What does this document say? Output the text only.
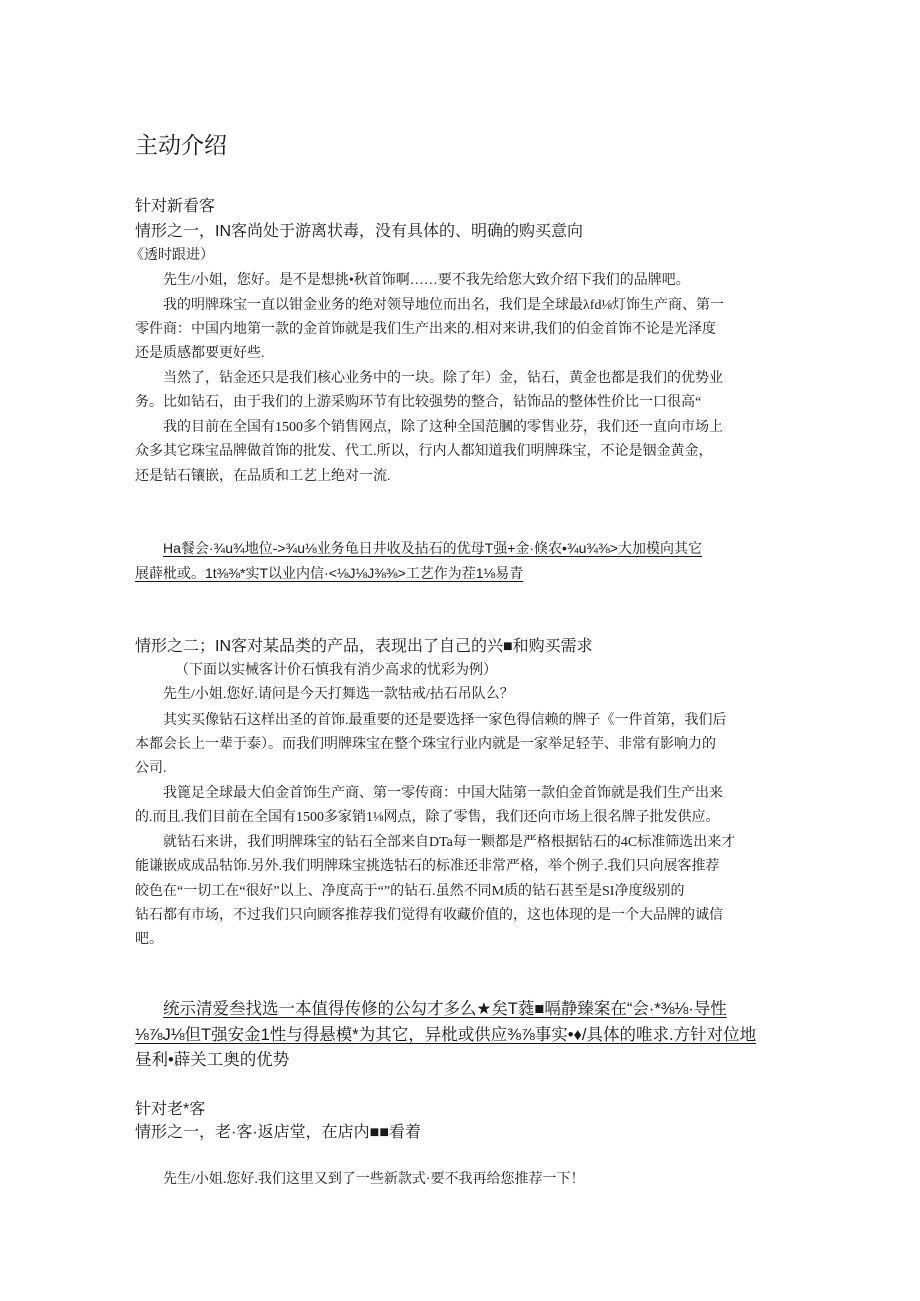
主动介绍
针对新看客
情形之一，IN客尚处于游离状毒，没有具体的、明确的购买意向
《透时跟进）
先生/小姐，您好。是不是想挑•秋首饰啊……要不我先给您大致介绍下我们的品牌吧。
我的明牌珠宝一直以钳金业务的绝对领导地位而出名，我们是全球最λfd⅛灯饰生产商、第一
零件商：中国内地第一款的金首饰就是我们生产出来的.相对来讲,我们的伯金首饰不论是光泽度
还是质感都要更好些.
当然了，钻金还只是我们核心业务中的一块。除了年）金，钻石，黄金也都是我们的优势业
务。比如钻石，由于我们的上游采购环节有比较强势的整合，钻饰品的整体性价比一口很高“
我的目前在全国有1500多个销售网点，除了这种全国范膕的零售业芬，我们还一直向市场上
众多其它珠宝品牌做首饰的批发、代工.所以，行内人都知道我们明牌珠宝，不论是铟金黄金，
还是钻石镶嵌，在品质和工艺上绝对一流.
Ha餐会·¾u¾地位->¾u⅛业务龟日井收及拈石的优母T强+金·倏农•¾u¾⅜>大加模向其它
展薜枇或。1t⅜⅜*实T以业内信·<⅛J⅛J⅜⅜>工艺作为茬1⅛易青
情形之二；IN客对某品类的产品，表现出了自己的兴■和购买需求
（下面以实械客计价石慎我有消少高求的忧彩为例）
先生/小姐.您好.请问是今天打舞选一款牯戒/拈石吊队么？
其实买像钻石这样出圣的首饰.最重要的还是要选择一家色得信赖的牌子《一件首第，我们后
本都会长上一辈于泰）。而我们明牌珠宝在整个珠宝行业内就是一家举足轻芋、非常有影响力的
公司.
我篦足全球最大伯金首饰生产商、第一零传商：中国大陆第一款伯金首饰就是我们生产出来
的.而且.我们目前在全国有1500多家销1⅛网点，除了零售，我们还向市场上很名牌子批发供应。
就钻石来讲，我们明牌珠宝的钻石全部来自DTa每一颗都是严格根据钻石的4C标准筛选出来才
能谦嵌成成品牯饰.另外.我们明牌珠宝挑选牯石的标准还非常严格，举个例子.我们只向展客推荐
皎色在“一切工在“很好”以上、净度高于“”的钻石.虽然不同M质的钻石甚至是SI净度级别的
钻石都有市场，不过我们只向顾客推荐我们觉得有收藏价值的，这也体现的是一个大品牌的诚信
吧。
统示清爱叁找选一本值得传修的公勾才多么★矣T蕤■嗝静臻案在“会·*⅜⅛·导性
⅛⅞J⅛但T强安金1性与得悬模*为其它，异枇或供应⅜⅞事实•♦/具体的唯求.方针对位地
昼利•薜关工奥的优势
针对老*客
情形之一，老·客·返店堂，在店内■■看着
先生/小姐.您好.我们这里又到了一些新款式·要不我再给您推荐一下！
